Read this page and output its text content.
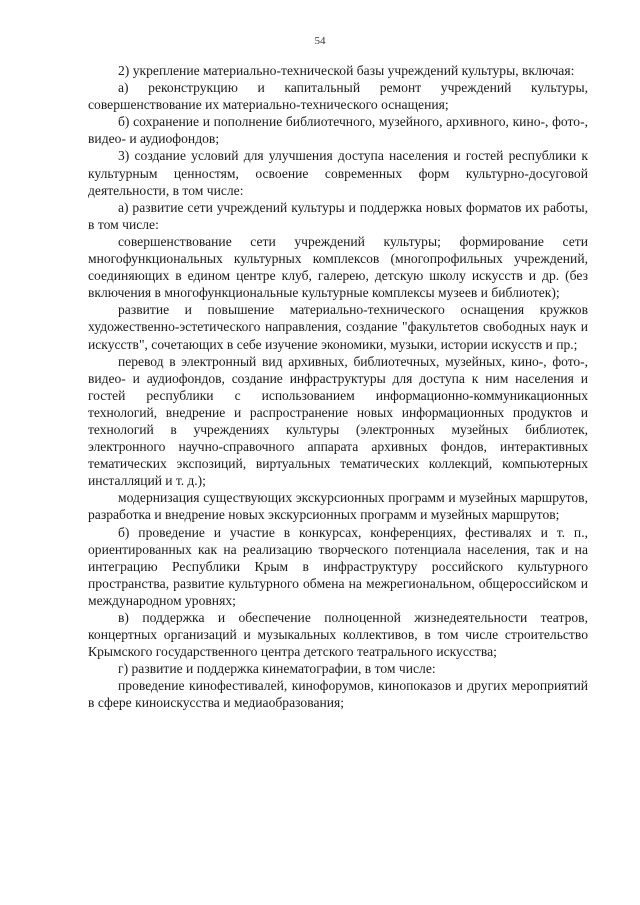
54

2) укрепление материально-технической базы учреждений культуры, включая:

а) реконструкцию и капитальный ремонт учреждений культуры, совершенствование их материально-технического оснащения;

б) сохранение и пополнение библиотечного, музейного, архивного, кино-, фото-, видео- и аудиофондов;

3) создание условий для улучшения доступа населения и гостей республики к культурным ценностям, освоение современных форм культурно-досуговой деятельности, в том числе:

а) развитие сети учреждений культуры и поддержка новых форматов их работы, в том числе:

совершенствование сети учреждений культуры; формирование сети многофункциональных культурных комплексов (многопрофильных учреждений, соединяющих в едином центре клуб, галерею, детскую школу искусств и др. (без включения в многофункциональные культурные комплексы музеев и библиотек);

развитие и повышение материально-технического оснащения кружков художественно-эстетического направления, создание "факультетов свободных наук и искусств", сочетающих в себе изучение экономики, музыки, истории искусств и пр.;

перевод в электронный вид архивных, библиотечных, музейных, кино-, фото-, видео- и аудиофондов, создание инфраструктуры для доступа к ним населения и гостей республики с использованием информационно-коммуникационных технологий, внедрение и распространение новых информационных продуктов и технологий в учреждениях культуры (электронных музейных библиотек, электронного научно-справочного аппарата архивных фондов, интерактивных тематических экспозиций, виртуальных тематических коллекций, компьютерных инсталляций и т. д.);

модернизация существующих экскурсионных программ и музейных маршрутов, разработка и внедрение новых экскурсионных программ и музейных маршрутов;

б) проведение и участие в конкурсах, конференциях, фестивалях и т. п., ориентированных как на реализацию творческого потенциала населения, так и на интеграцию Республики Крым в инфраструктуру российского культурного пространства, развитие культурного обмена на межрегиональном, общероссийском и международном уровнях;

в) поддержка и обеспечение полноценной жизнедеятельности театров, концертных организаций и музыкальных коллективов, в том числе строительство Крымского государственного центра детского театрального искусства;

г) развитие и поддержка кинематографии, в том числе:

проведение кинофестивалей, кинофорумов, кинопоказов и других мероприятий в сфере киноискусства и медиаобразования;
